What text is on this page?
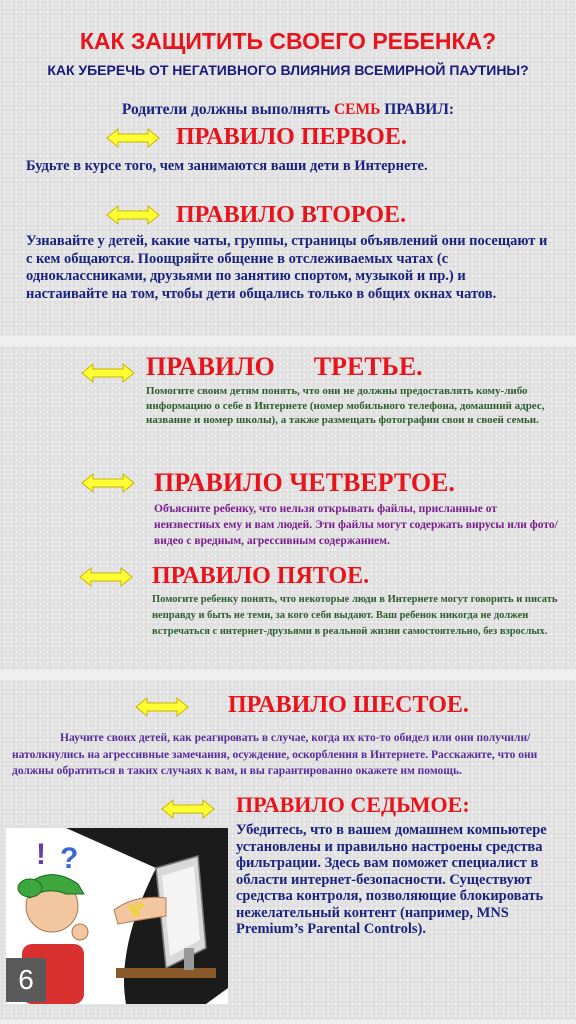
КАК ЗАЩИТИТЬ СВОЕГО РЕБЕНКА?
КАК УБЕРЕЧЬ ОТ НЕГАТИВНОГО ВЛИЯНИЯ ВСЕМИРНОЙ ПАУТИНЫ?
Родители должны выполнять СЕМЬ ПРАВИЛ:
ПРАВИЛО ПЕРВОЕ.
Будьте в курсе того, чем занимаются ваши дети в Интернете.
ПРАВИЛО ВТОРОЕ.
Узнавайте у детей, какие чаты, группы, страницы объявлений они посещают и с кем общаются. Поощряйте общение в отслеживаемых чатах (с одноклассниками, друзьями по занятию спортом, музыкой и пр.) и настаивайте на том, чтобы дети общались только в общих окнах чатов.
ПРАВИЛО      ТРЕТЬЕ.
Помогите своим детям понять, что они не должны предоставлять кому-либо информацию о себе в Интернете (номер мобильного телефона, домашний адрес, название и номер школы), а также размещать фотографии свои и своей семьи.
ПРАВИЛО ЧЕТВЕРТОЕ.
Объясните ребенку, что нельзя открывать файлы, присланные от неизвестных ему и вам людей. Эти файлы могут содержать вирусы или фото/видео с вредным, агрессивным содержанием.
ПРАВИЛО ПЯТОЕ.
Помогите ребенку понять, что некоторые люди в Интернете могут говорить и писать неправду и быть не теми, за кого себя выдают. Ваш ребенок никогда не должен встречаться с интернет-друзьями в реальной жизни самостоятельно, без взрослых.
ПРАВИЛО ШЕСТОЕ.
Научите своих детей, как реагировать в случае, когда их кто-то обидел или они получили/натолкнулись на агрессивные замечания, осуждение, оскорбления в Интернете. Расскажите, что они должны обратиться в таких случаях к вам, и вы гарантированно окажете им помощь.
ПРАВИЛО СЕДЬМОЕ:
Убедитесь, что в вашем домашнем компьютере установлены и правильно настроены средства фильтрации. Здесь вам поможет специалист в области интернет-безопасности. Существуют средства контроля, позволяющие блокировать нежелательный контент (например, MNS Premium’s Parental Controls).
! ?
6
